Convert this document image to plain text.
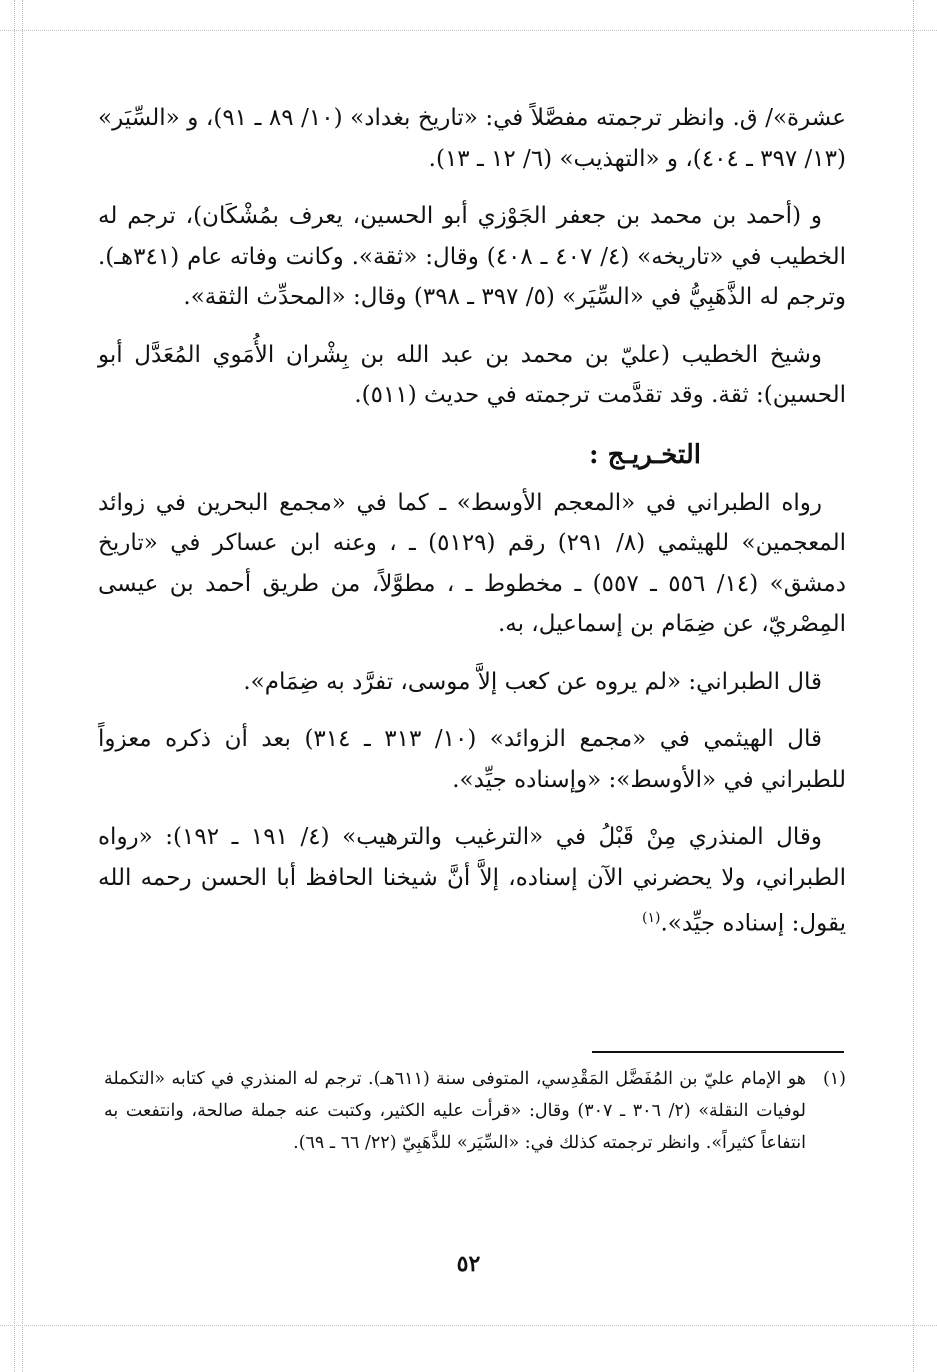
عشرة»/ ق. وانظر ترجمته مفصَّلاً في: «تاريخ بغداد» (١٠/ ٨٩ ـ ٩١)، و «السِّيَر» (١٣/ ٣٩٧ ـ ٤٠٤)، و «التهذيب» (٦/ ١٢ ـ ١٣).

و (أحمد بن محمد بن جعفر الجَوْزي أبو الحسين، يعرف بمُشْكَان)، ترجم له الخطيب في «تاريخه» (٤/ ٤٠٧ ـ ٤٠٨) وقال: «ثقة». وكانت وفاته عام (٣٤١هـ). وترجم له الذَّهَبِيُّ في «السِّيَر» (٥/ ٣٩٧ ـ ٣٩٨) وقال: «المحدِّث الثقة».

وشيخ الخطيب (عليّ بن محمد بن عبد الله بن بِشْران الأُمَوي المُعَدَّل أبو الحسين): ثقة. وقد تقدَّمت ترجمته في حديث (٥١١).

التخـريـج :

رواه الطبراني في «المعجم الأوسط» ـ كما في «مجمع البحرين في زوائد المعجمين» للهيثمي (٨/ ٢٩١) رقم (٥١٢٩) ـ ، وعنه ابن عساكر في «تاريخ دمشق» (١٤/ ٥٥٦ ـ ٥٥٧) ـ مخطوط ـ ، مطوَّلاً، من طريق أحمد بن عيسى المِصْريّ، عن ضِمَام بن إسماعيل، به.

قال الطبراني: «لم يروه عن كعب إلاَّ موسى، تفرَّد به ضِمَام».

قال الهيثمي في «مجمع الزوائد» (١٠/ ٣١٣ ـ ٣١٤) بعد أن ذكره معزواً للطبراني في «الأوسط»: «وإسناده جيِّد».

وقال المنذري مِنْ قَبْلُ في «الترغيب والترهيب» (٤/ ١٩١ ـ ١٩٢): «رواه الطبراني، ولا يحضرني الآن إسناده، إلاَّ أنَّ شيخنا الحافظ أبا الحسن رحمه الله يقول: إسناده جيِّد».$^{(١)}$

(١)
هو الإمام عليّ بن المُفَضَّل المَقْدِسي، المتوفى سنة (٦١١هـ). ترجم له المنذري في كتابه «التكملة لوفيات النقلة» (٢/ ٣٠٦ ـ ٣٠٧) وقال: «قرأت عليه الكثير، وكتبت عنه جملة صالحة، وانتفعت به انتفاعاً كثيراً». وانظر ترجمته كذلك في: «السِّيَر» للذَّهَبِيّ (٢٢/ ٦٦ ـ ٦٩).
٥٢
